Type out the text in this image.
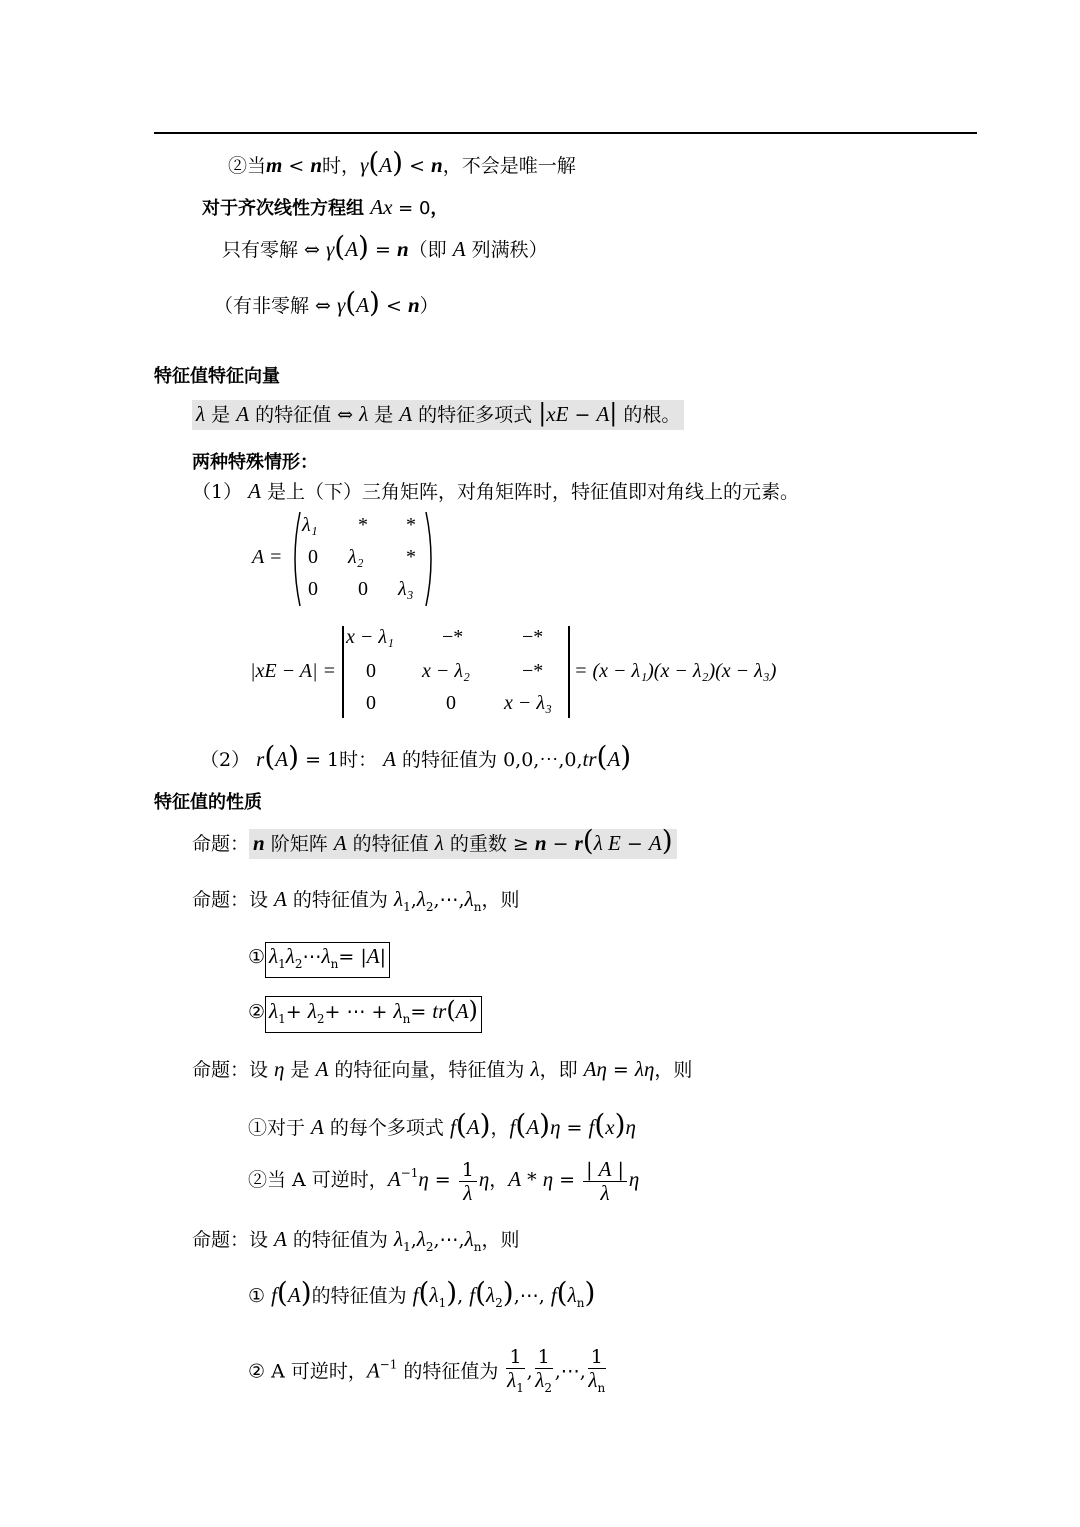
②当m < n时，γ(A) < n，不会是唯一解
对于齐次线性方程组 Ax = 0，
只有零解 ⇔ γ(A) = n（即 A 列满秩）
（有非零解 ⇔ γ(A) < n）
特征值特征向量
λ 是 A 的特征值 ⇔ λ 是 A 的特征多项式 |xE − A| 的根。
两种特殊情形：
（1） A 是上（下）三角矩阵，对角矩阵时，特征值即对角线上的元素。
A =
λ₁ * *
0 λ₂ *
0 0 λ₃
|xE − A| =
x − λ₁ −*	−*
0 x − λ₂	−*
0	0 x − λ₃
= (x − λ₁)(x − λ₂)(x − λ₃)
（2） r(A) = 1时： A 的特征值为 0,0,⋯,0,tr(A)
特征值的性质
命题： n 阶矩阵 A 的特征值 λ 的重数 ≥ n − r(λ E − A)
命题：设 A 的特征值为 $\lambda_1,\lambda_2,\cdots,\lambda_n$，则
① $\lambda_1\lambda_2\cdots\lambda_n= |A|$
② $\lambda_1+ \lambda_2+$ ⋯ + $\lambda_n= tr(A)$
命题：设 η 是 A 的特征向量，特征值为 λ，即 Aη = λη，则
①对于 A 的每个多项式 f(A)，f(A)η = f(x)η
②当 A 可逆时，$A^{-1}\eta = \frac{1}{\lambda}$ η，$A * \eta = \frac{| A |}{\lambda}$ η
命题：设 A 的特征值为 $\lambda_1,\lambda_2,\cdots,\lambda_n$，则
① f(A)的特征值为 $f(\lambda_1)$, $f(\lambda_2),\cdots$, $f(\lambda_n)$
② A 可逆时，$A^{-1}$ 的特征值为 $\frac{1}{\lambda_1}$ , $\frac{1}{\lambda_2}$ ,⋯, $\frac{1}{\lambda_n}$
